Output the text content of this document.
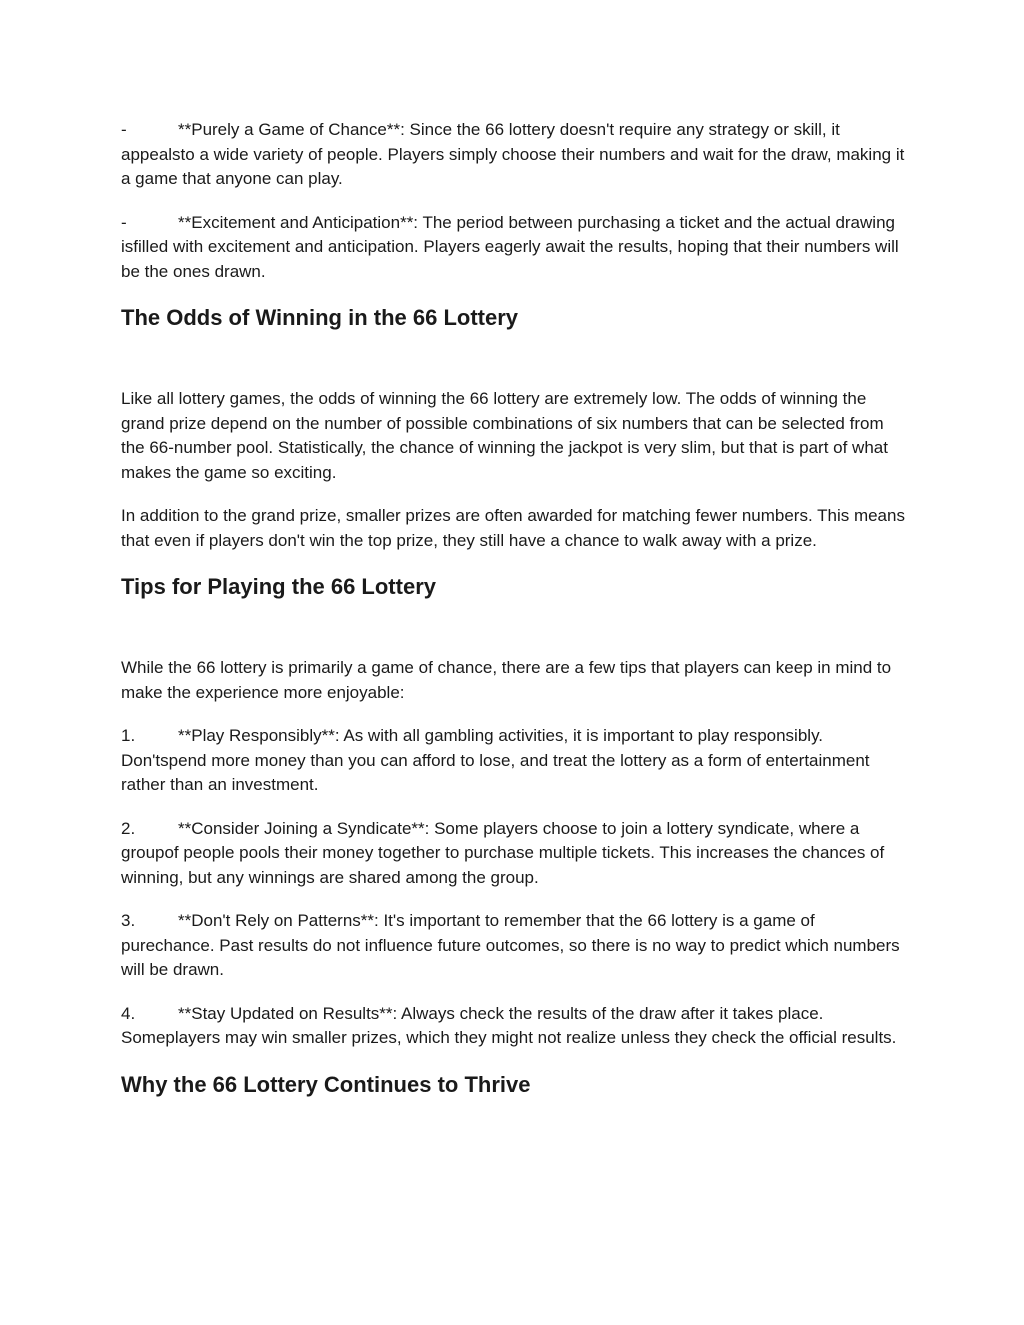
-	**Purely a Game of Chance**: Since the 66 lottery doesn't require any strategy or skill, it appealsto a wide variety of people. Players simply choose their numbers and wait for the draw, making it a game that anyone can play.

-	**Excitement and Anticipation**: The period between purchasing a ticket and the actual drawing isfilled with excitement and anticipation. Players eagerly await the results, hoping that their numbers will be the ones drawn.

The Odds of Winning in the 66 Lottery

Like all lottery games, the odds of winning the 66 lottery are extremely low. The odds of winning the grand prize depend on the number of possible combinations of six numbers that can be selected from the 66-number pool. Statistically, the chance of winning the jackpot is very slim, but that is part of what makes the game so exciting.

In addition to the grand prize, smaller prizes are often awarded for matching fewer numbers. This means that even if players don't win the top prize, they still have a chance to walk away with a prize.

Tips for Playing the 66 Lottery

While the 66 lottery is primarily a game of chance, there are a few tips that players can keep in mind to make the experience more enjoyable:

1.	**Play Responsibly**: As with all gambling activities, it is important to play responsibly. Don'tspend more money than you can afford to lose, and treat the lottery as a form of entertainment rather than an investment.

2.	**Consider Joining a Syndicate**: Some players choose to join a lottery syndicate, where a groupof people pools their money together to purchase multiple tickets. This increases the chances of winning, but any winnings are shared among the group.

3.	**Don't Rely on Patterns**: It's important to remember that the 66 lottery is a game of purechance. Past results do not influence future outcomes, so there is no way to predict which numbers will be drawn.

4.	**Stay Updated on Results**: Always check the results of the draw after it takes place. Someplayers may win smaller prizes, which they might not realize unless they check the official results.

Why the 66 Lottery Continues to Thrive
